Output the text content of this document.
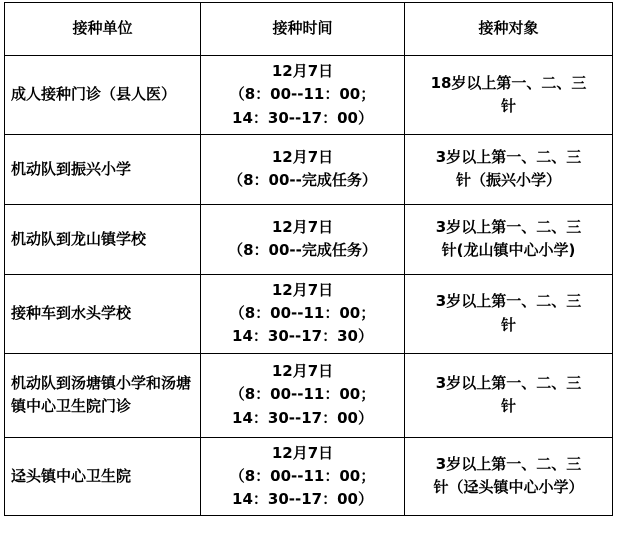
接种单位	接种时间	接种对象
成人接种门诊（县人医）	12月7日
（8：00--11：00；
14：30--17：00）	18岁以上第一、二、三
针

机动队到振兴小学	12月7日
（8：00--完成任务）	3岁以上第一、二、三
针（振兴小学）

机动队到龙山镇学校	12月7日
（8：00--完成任务）	3岁以上第一、二、三
针(龙山镇中心小学)

接种车到水头学校	12月7日
（8：00--11：00；
14：30--17：30）	3岁以上第一、二、三
针

机动队到汤塘镇小学和汤塘镇中心卫生院门诊	12月7日
（8：00--11：00；
14：30--17：00）	3岁以上第一、二、三
针

迳头镇中心卫生院	12月7日
（8：00--11：00；
14：30--17：00）	3岁以上第一、二、三
针（迳头镇中心小学）
